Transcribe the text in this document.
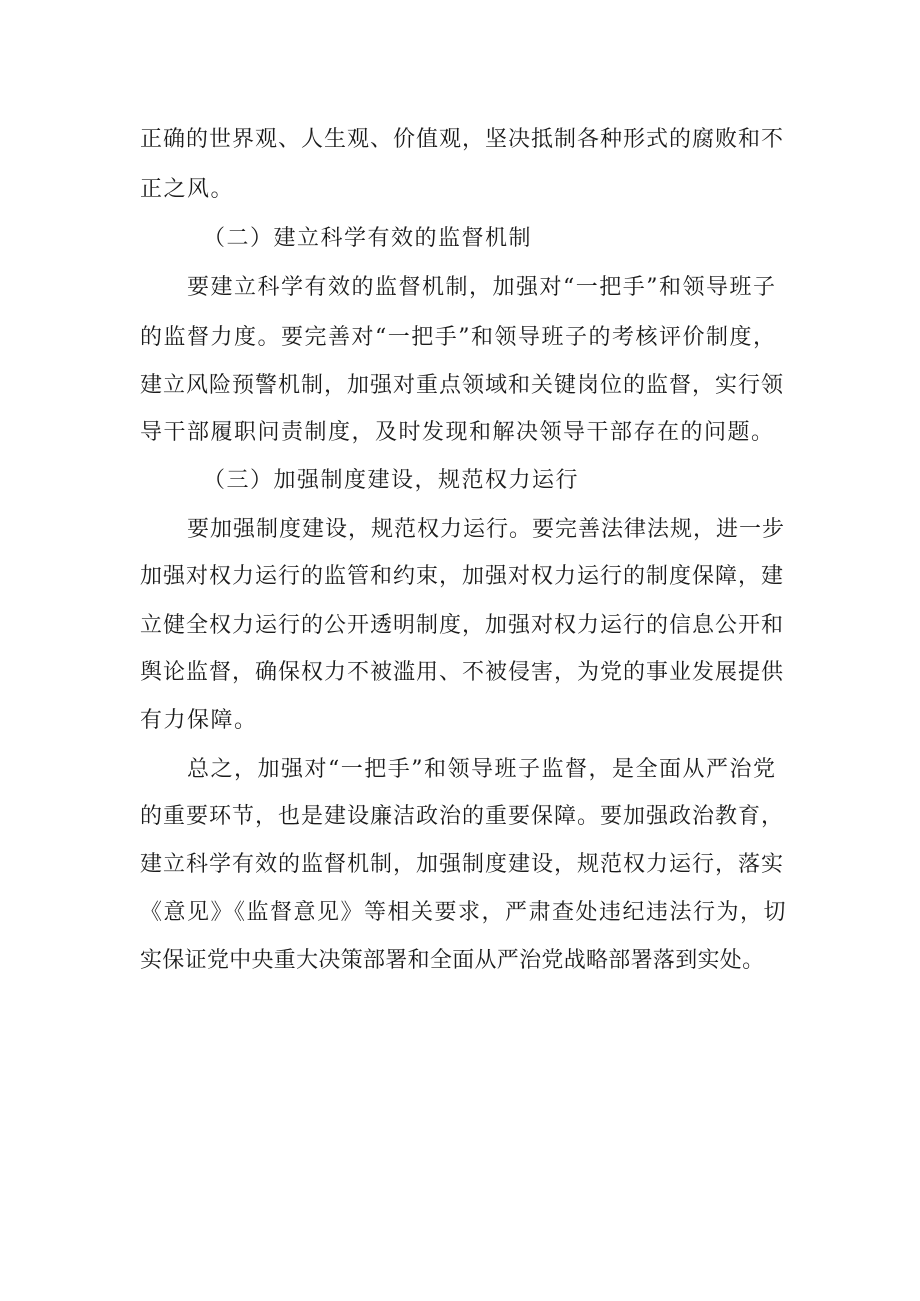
正确的世界观、人生观、价值观，坚决抵制各种形式的腐败和不
正之风。
（二）建立科学有效的监督机制
要建立科学有效的监督机制，加强对“一把手”和领导班子
的监督力度。要完善对“一把手”和领导班子的考核评价制度，
建立风险预警机制，加强对重点领域和关键岗位的监督，实行领
导干部履职问责制度，及时发现和解决领导干部存在的问题。
（三）加强制度建设，规范权力运行
要加强制度建设，规范权力运行。要完善法律法规，进一步
加强对权力运行的监管和约束，加强对权力运行的制度保障，建
立健全权力运行的公开透明制度，加强对权力运行的信息公开和
舆论监督，确保权力不被滥用、不被侵害，为党的事业发展提供
有力保障。
总之，加强对“一把手”和领导班子监督，是全面从严治党
的重要环节，也是建设廉洁政治的重要保障。要加强政治教育，
建立科学有效的监督机制，加强制度建设，规范权力运行，落实
《意见》《监督意见》等相关要求，严肃查处违纪违法行为，切
实保证党中央重大决策部署和全面从严治党战略部署落到实处。
